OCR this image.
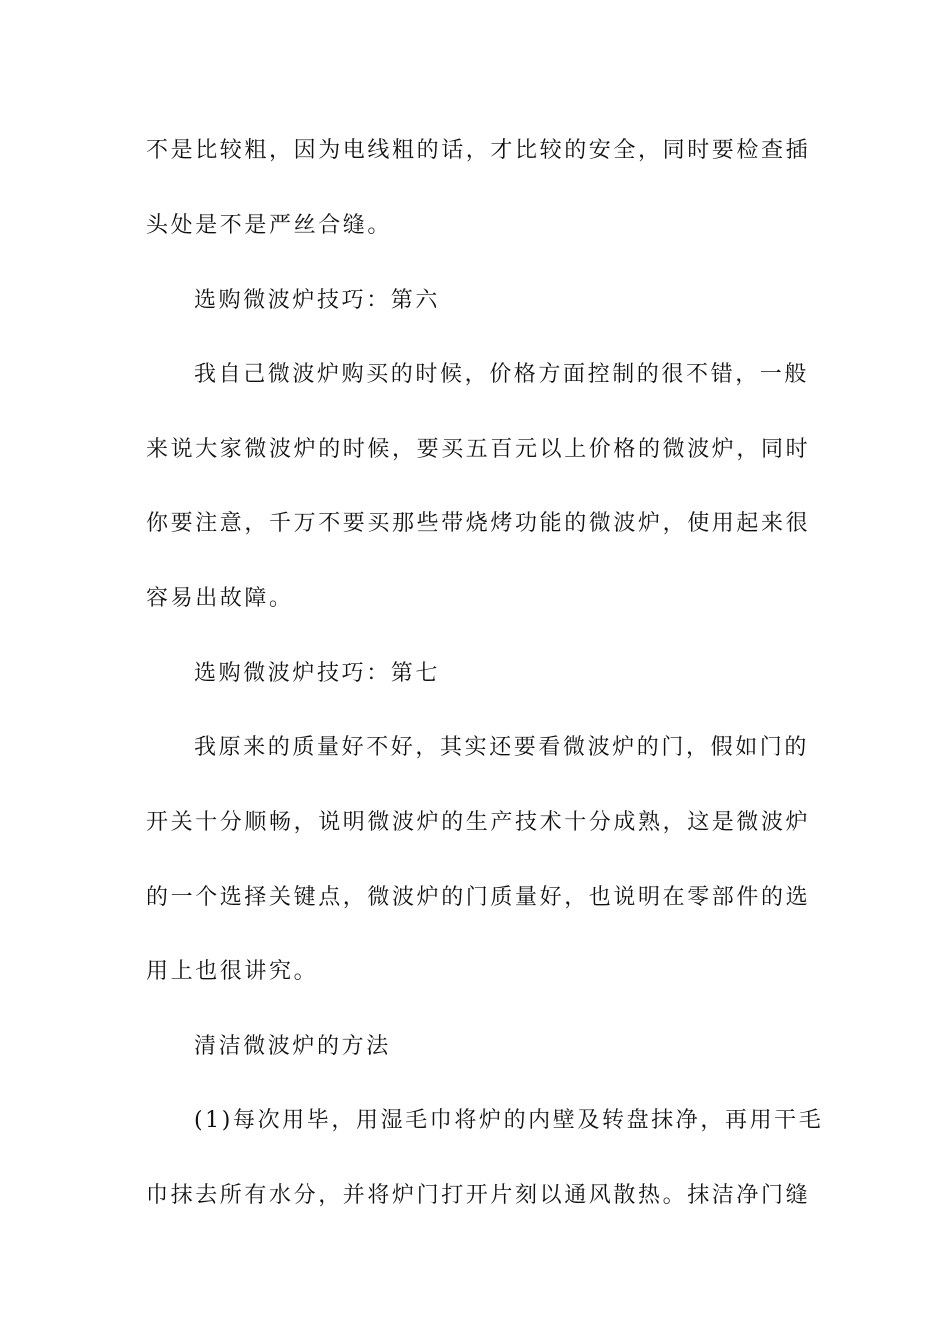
不是比较粗，因为电线粗的话，才比较的安全，同时要检查插
头处是不是严丝合缝。
选购微波炉技巧：第六
我自己微波炉购买的时候，价格方面控制的很不错，一般
来说大家微波炉的时候，要买五百元以上价格的微波炉，同时
你要注意，千万不要买那些带烧烤功能的微波炉，使用起来很
容易出故障。
选购微波炉技巧：第七
我原来的质量好不好，其实还要看微波炉的门，假如门的
开关十分顺畅，说明微波炉的生产技术十分成熟，这是微波炉
的一个选择关键点，微波炉的门质量好，也说明在零部件的选
用上也很讲究。
清洁微波炉的方法
(1)每次用毕，用湿毛巾将炉的内壁及转盘抹净，再用干毛
巾抹去所有水分，并将炉门打开片刻以通风散热。抹洁净门缝
